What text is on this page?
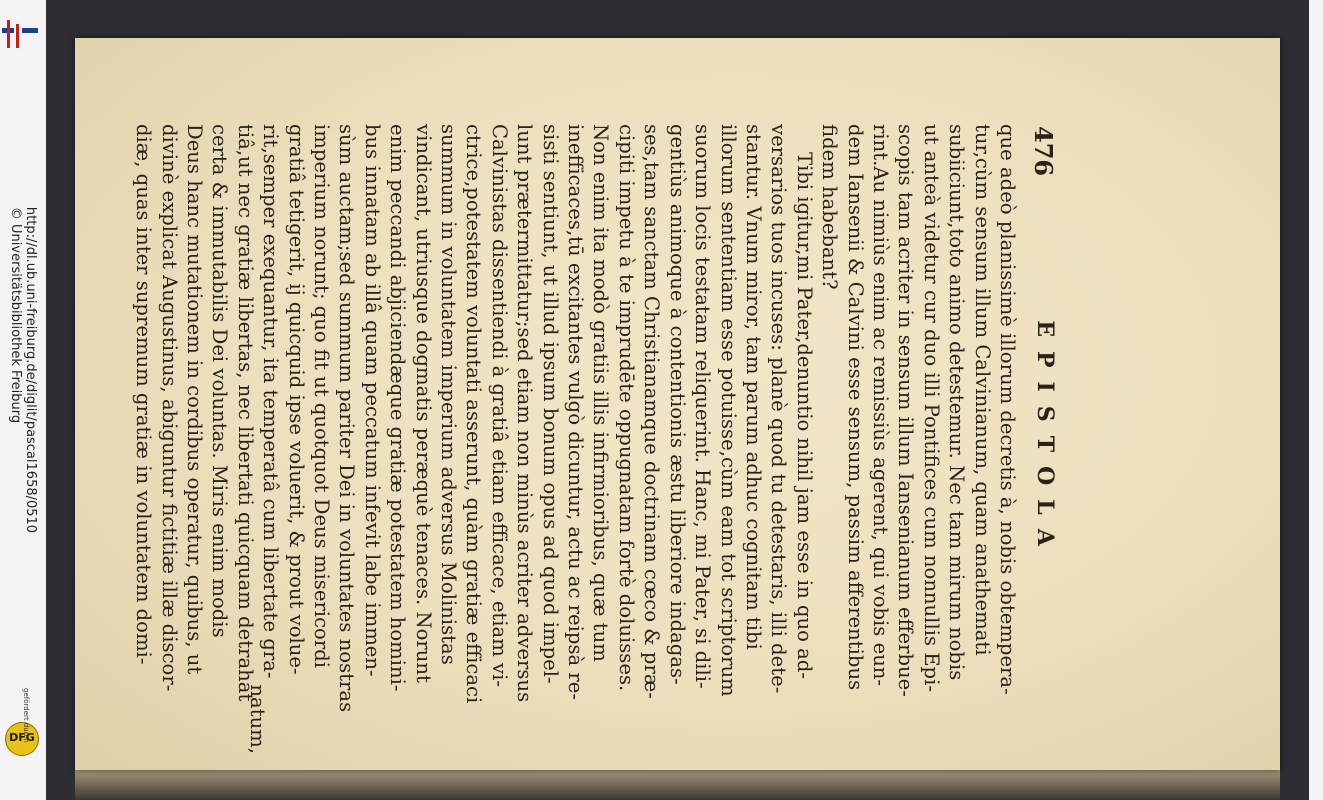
476
EPISTOLA
que adeò planissimè illorum decretis à, nobis obtempera-
tur,cùm sensum illum Calvinianum, quam anathemati
subiiciunt,toto animo detestemur. Nec tam mirum nobis
ut anteà videtur cur duo illi Pontifices cum nonnullis Epi-
scopis tam acriter in sensum illum Iansenianum efferbue-
rint.Au nimiùs enim ac remissiùs agerent, qui vobis eun-
dem Iansenii & Calvini esse sensum, passim afferentibus
fidem habebant?
Tibi igitur,mi Pater,denuntio nihil jam esse in quo ad-
versarios tuos incuses: planè quod tu detestaris, illi dete-
stantur. Vnum miror, tam parum adhuc cognitam tibi
illorum sententiam esse potuisse,cùm eam tot scriptorum
suorum locis testatam reliquerint. Hanc, mi Pater, si dili-
gentiùs animoque à contentionis æstu liberiore indagas-
ses,tam sanctam Christianamque doctrinam cœco & præ-
cipiti impetu à te imprudēte oppugnatam fortè doluisses.
Non enim ita modò gratiis illis infirmioribus, quæ tum
inefficaces,tū excitantes vulgò dicuntur, actu ac reipsà re-
sisti sentiunt, ut illud ipsum bonum opus ad quod impel-
lunt prætermittatur;sed etiam non minùs acriter adversus
Calvinistas dissentiendi à gratiâ etiam efficace, etiam vi-
ctrice,potestatem voluntati asserunt, quàm gratiæ efficaci
summum in voluntatem imperium adversus Molinistas
vindicant, utriusque dogmatis peræquè tenaces. Norunt
enim peccandi abjiciendæque gratiæ potestatem homini-
bus innatam ab illâ quam peccatum infevit labe immen-
sùm auctam;sed summum pariter Dei in voluntates nostras
imperium norunt; quo fit ut quotquot Deus misericordi
gratiâ tetigerit, ij quicquid ipse voluerit, & prout volue-
rit,semper exequantur, ita temperatâ cum libertate gra-
tiâ,ut nec gratiæ libertas, nec libertati quicquam detrahat
certa & immutabilis Dei voluntas. Miris enim modis
Deus hanc mutationem in cordibus operatur, quibus, ut
divinè explicat Augustinus, abiguntur fictitiæ illæ discor-
diæ, quas inter supremum gratiæ in voluntatem domi-
natum,
http://dl.ub.uni-freiburg.de/diglit/pascal1658/0510
© Universitätsbibliothek Freiburg
DFG
gefördert durch
